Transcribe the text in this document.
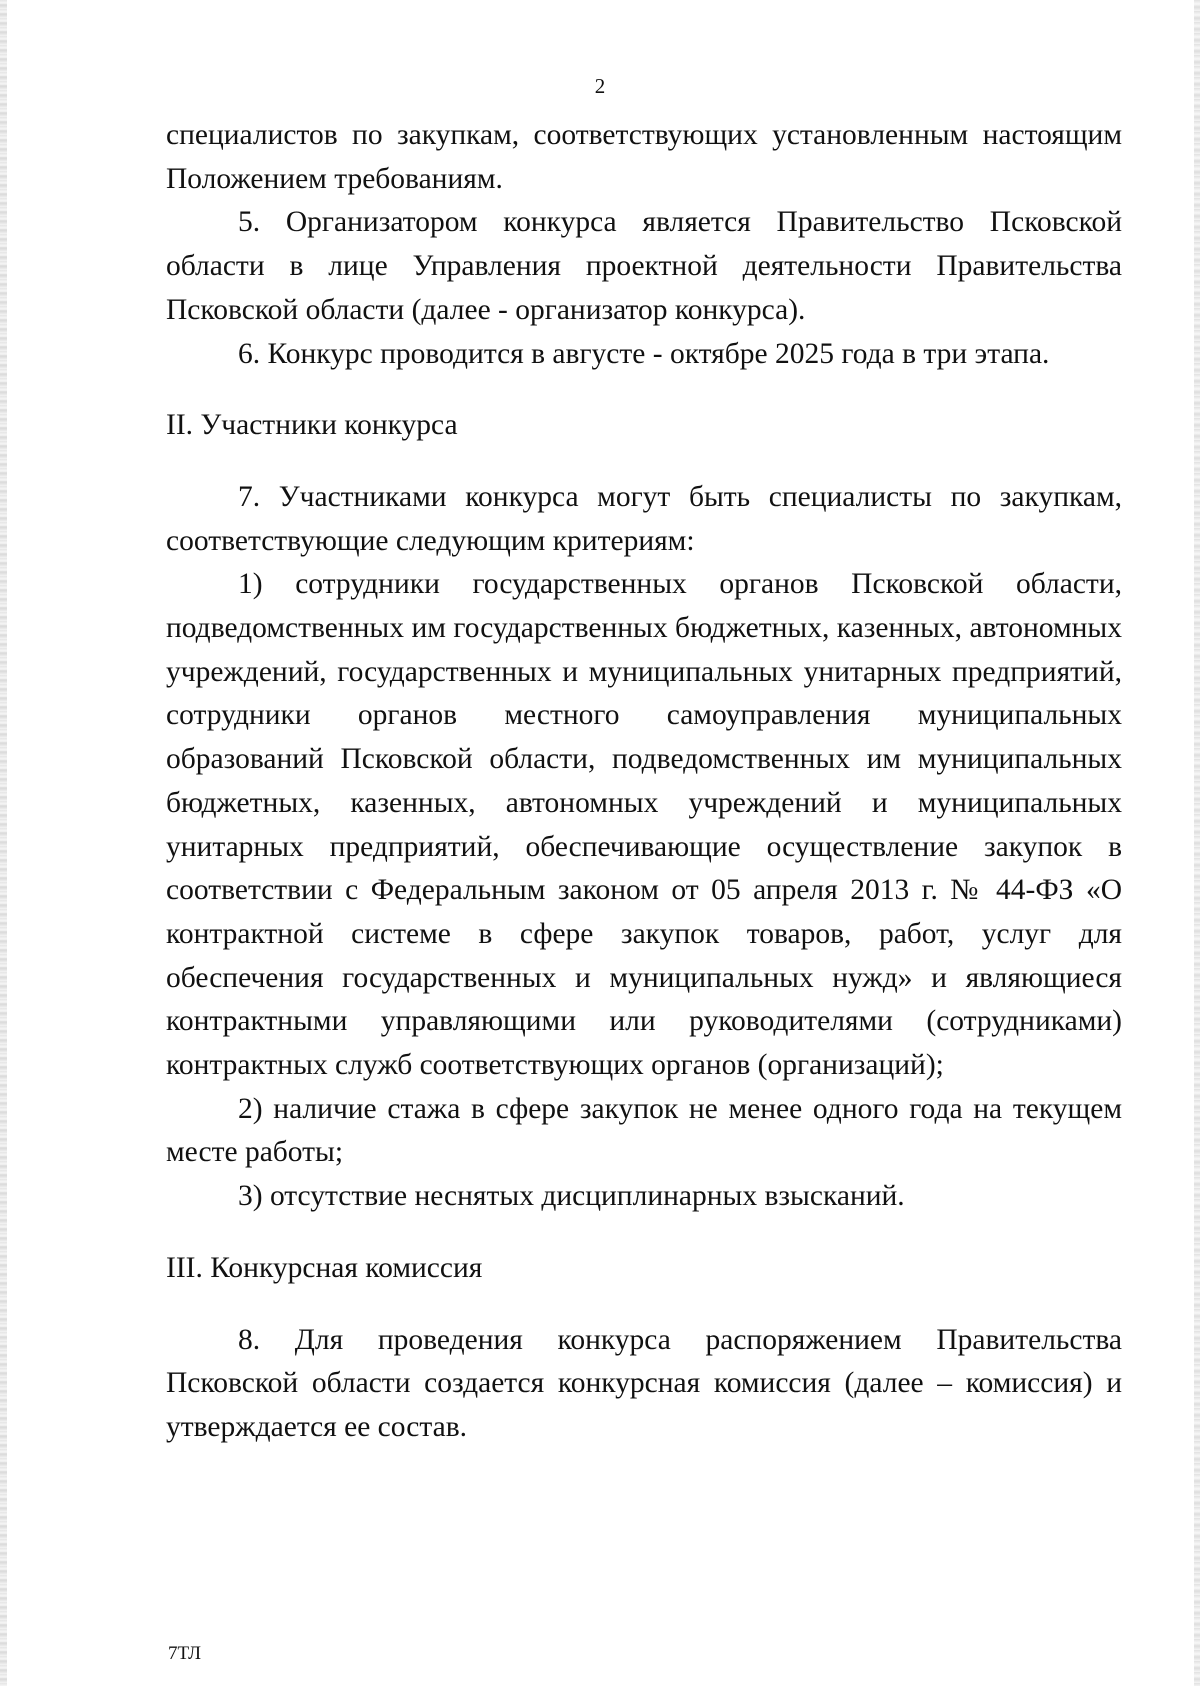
2

специалистов по закупкам, соответствующих установленным настоящим Положением требованиям.

5. Организатором конкурса является Правительство Псковской области в лице Управления проектной деятельности Правительства Псковской области (далее - организатор конкурса).

6. Конкурс проводится в августе - октябре 2025 года в три этапа.

II. Участники конкурса

7. Участниками конкурса могут быть специалисты по закупкам, соответствующие следующим критериям:

1) сотрудники государственных органов Псковской области, подведомственных им государственных бюджетных, казенных, автономных учреждений, государственных и муниципальных унитарных предприятий, сотрудники органов местного самоуправления муниципальных образований Псковской области, подведомственных им муниципальных бюджетных, казенных, автономных учреждений и муниципальных унитарных предприятий, обеспечивающие осуществление закупок в соответствии с Федеральным законом от 05 апреля 2013 г. № 44-ФЗ «О контрактной системе в сфере закупок товаров, работ, услуг для обеспечения государственных и муниципальных нужд» и являющиеся контрактными управляющими или руководителями (сотрудниками) контрактных служб соответствующих органов (организаций);

2) наличие стажа в сфере закупок не менее одного года на текущем месте работы;

3) отсутствие неснятых дисциплинарных взысканий.

III. Конкурсная комиссия

8. Для проведения конкурса распоряжением Правительства Псковской области создается конкурсная комиссия (далее – комиссия) и утверждается ее состав.

7ТЛ
